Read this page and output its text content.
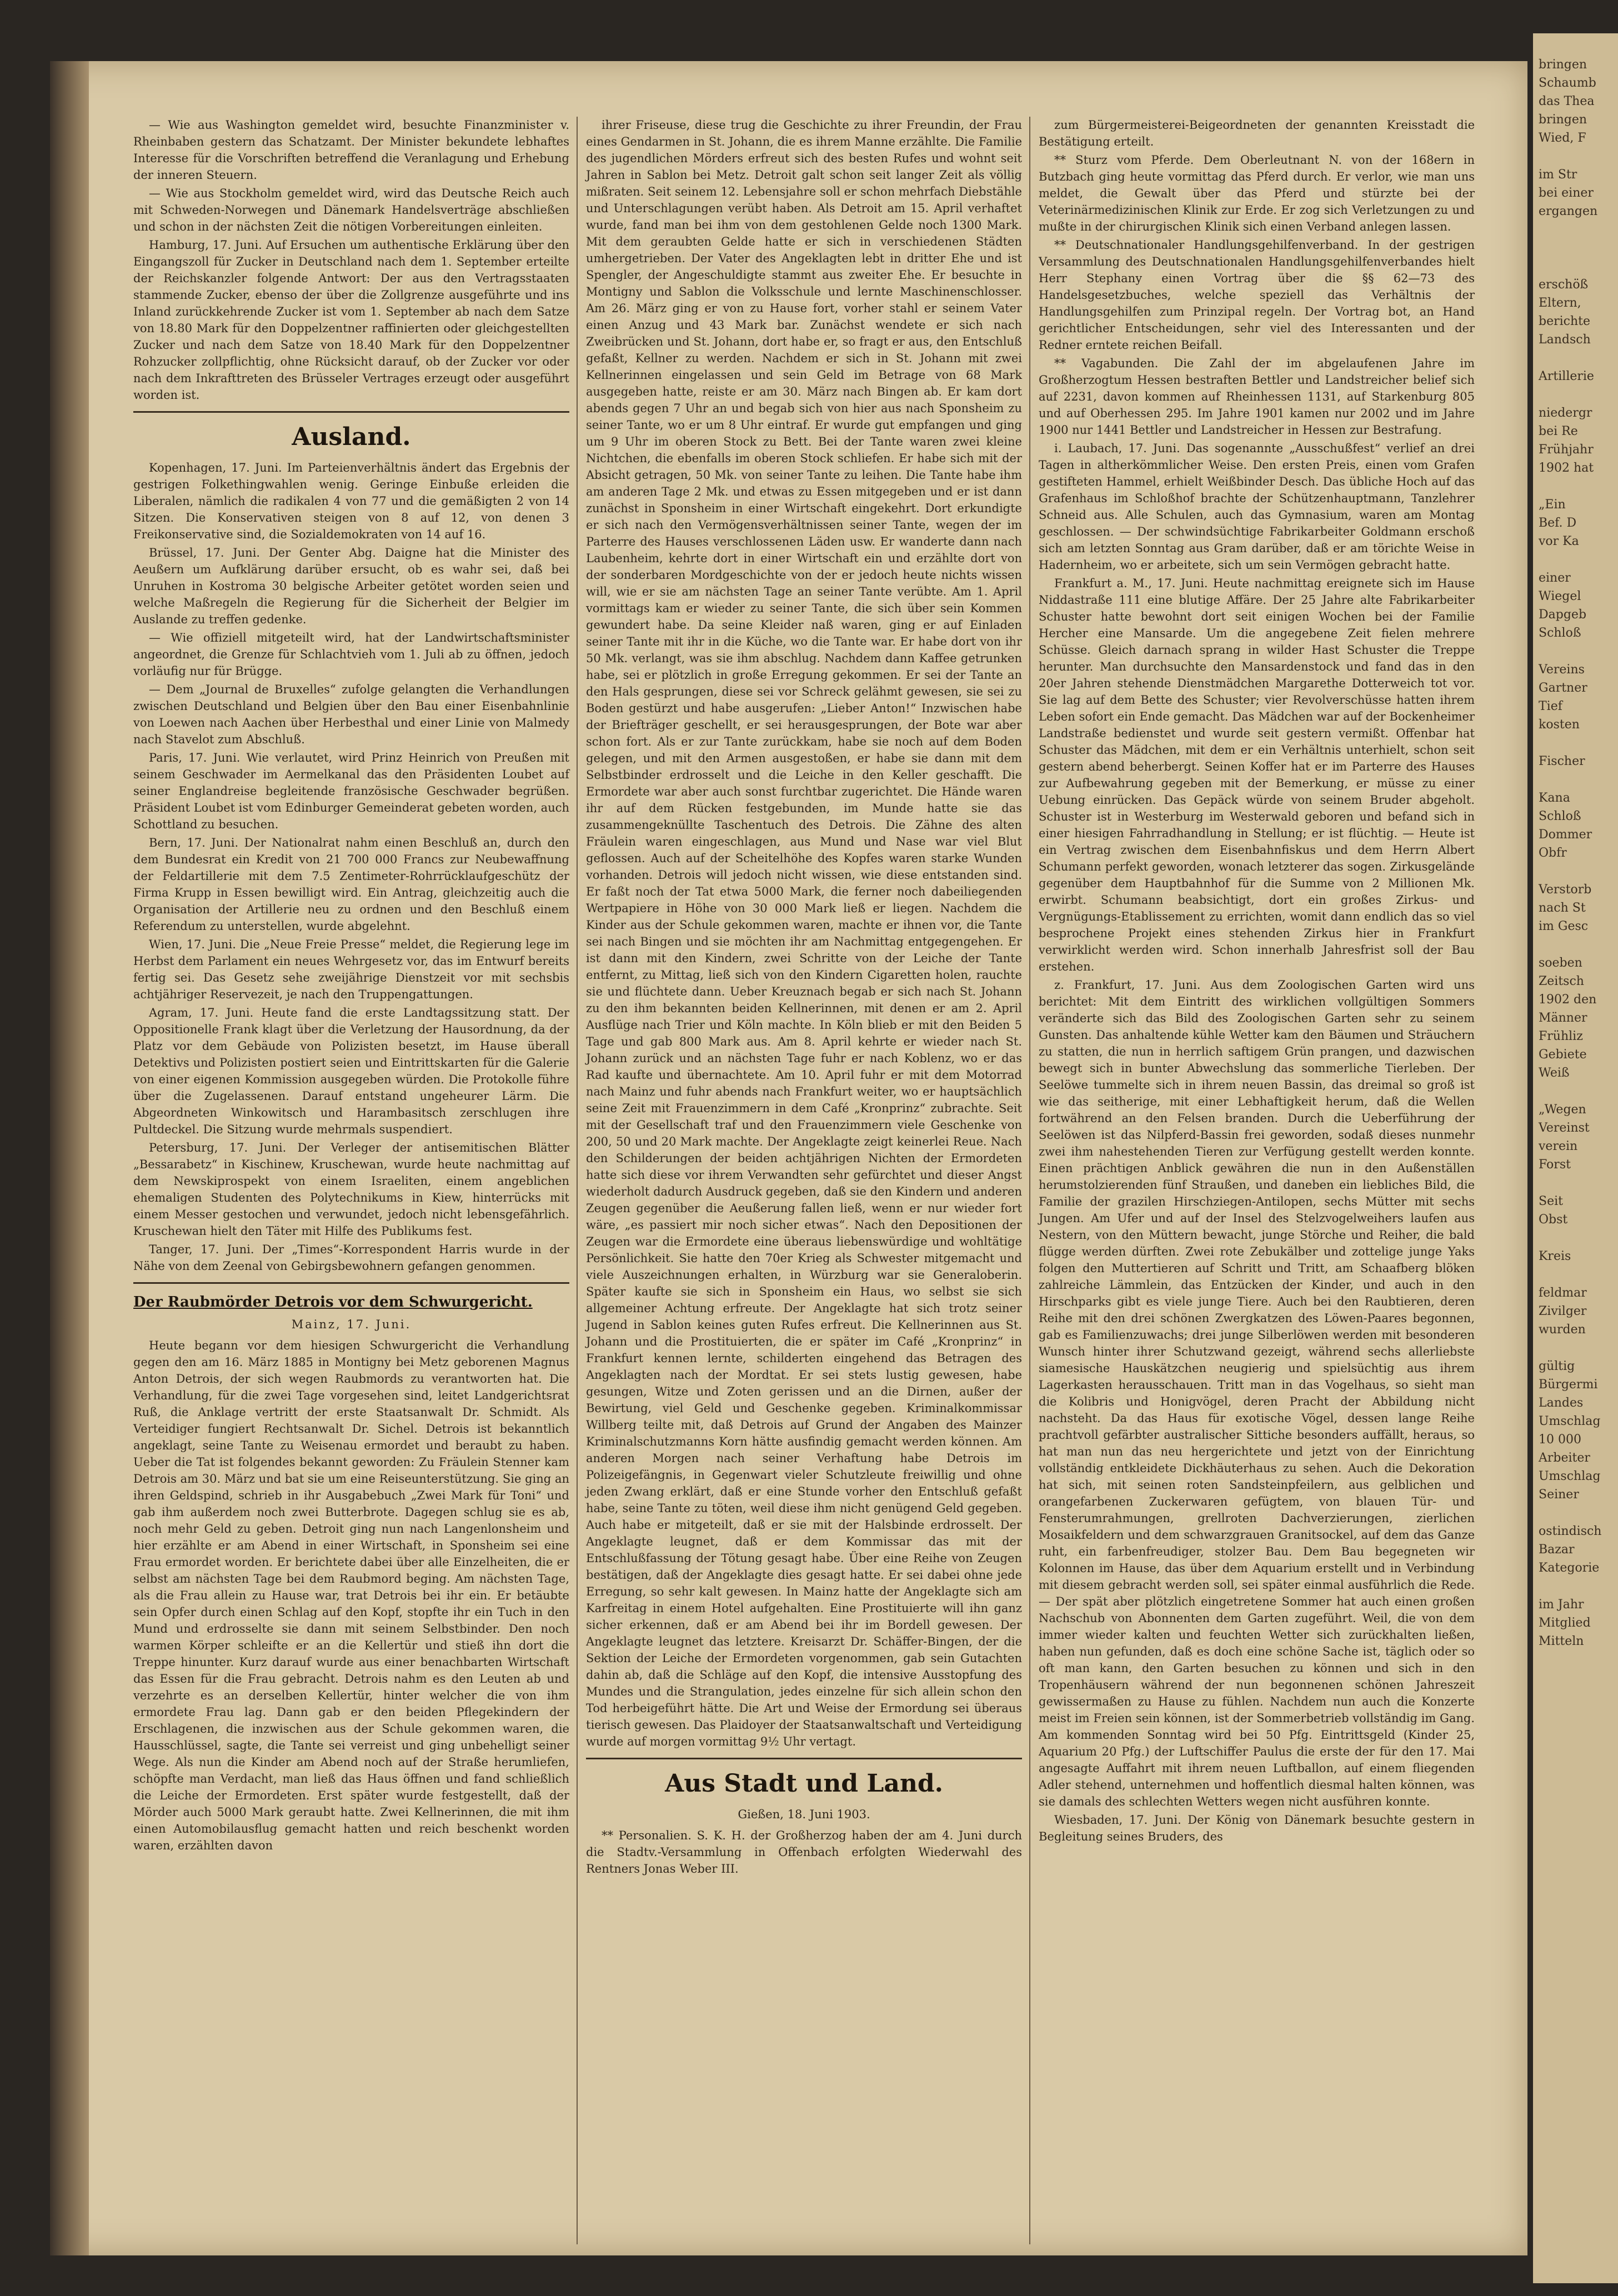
— Wie aus Washington gemeldet wird, besuchte Finanzminister v. Rheinbaben gestern das Schatzamt. Der Minister bekundete lebhaftes Interesse für die Vorschriften betreffend die Veranlagung und Erhebung der inneren Steuern.

— Wie aus Stockholm gemeldet wird, wird das Deutsche Reich auch mit Schweden-Norwegen und Dänemark Handelsverträge abschließen und schon in der nächsten Zeit die nötigen Vorbereitungen einleiten.

Hamburg, 17. Juni. Auf Ersuchen um authentische Erklärung über den Eingangszoll für Zucker in Deutschland nach dem 1. September erteilte der Reichskanzler folgende Antwort: Der aus den Vertragsstaaten stammende Zucker, ebenso der über die Zollgrenze ausgeführte und ins Inland zurückkehrende Zucker ist vom 1. September ab nach dem Satze von 18.80 Mark für den Doppelzentner raffinierten oder gleichgestellten Zucker und nach dem Satze von 18.40 Mark für den Doppelzentner Rohzucker zollpflichtig, ohne Rücksicht darauf, ob der Zucker vor oder nach dem Inkrafttreten des Brüsseler Vertrages erzeugt oder ausgeführt worden ist.

Ausland.

Kopenhagen, 17. Juni. Im Parteienverhältnis ändert das Ergebnis der gestrigen Folkethingwahlen wenig. Geringe Einbuße erleiden die Liberalen, nämlich die radikalen 4 von 77 und die gemäßigten 2 von 14 Sitzen. Die Konservativen steigen von 8 auf 12, von denen 3 Freikonservative sind, die Sozialdemokraten von 14 auf 16.

Brüssel, 17. Juni. Der Genter Abg. Daigne hat die Minister des Aeußern um Aufklärung darüber ersucht, ob es wahr sei, daß bei Unruhen in Kostroma 30 belgische Arbeiter getötet worden seien und welche Maßregeln die Regierung für die Sicherheit der Belgier im Auslande zu treffen gedenke.

— Wie offiziell mitgeteilt wird, hat der Landwirtschaftsminister angeordnet, die Grenze für Schlachtvieh vom 1. Juli ab zu öffnen, jedoch vorläufig nur für Brügge.

— Dem „Journal de Bruxelles“ zufolge gelangten die Verhandlungen zwischen Deutschland und Belgien über den Bau einer Eisenbahnlinie von Loewen nach Aachen über Herbesthal und einer Linie von Malmedy nach Stavelot zum Abschluß.

Paris, 17. Juni. Wie verlautet, wird Prinz Heinrich von Preußen mit seinem Geschwader im Aermelkanal das den Präsidenten Loubet auf seiner Englandreise begleitende französische Geschwader begrüßen. Präsident Loubet ist vom Edinburger Gemeinderat gebeten worden, auch Schottland zu besuchen.

Bern, 17. Juni. Der Nationalrat nahm einen Beschluß an, durch den dem Bundesrat ein Kredit von 21 700 000 Francs zur Neubewaffnung der Feldartillerie mit dem 7.5 Zentimeter-Rohrrücklaufgeschütz der Firma Krupp in Essen bewilligt wird. Ein Antrag, gleichzeitig auch die Organisation der Artillerie neu zu ordnen und den Beschluß einem Referendum zu unterstellen, wurde abgelehnt.

Wien, 17. Juni. Die „Neue Freie Presse“ meldet, die Regierung lege im Herbst dem Parlament ein neues Wehrgesetz vor, das im Entwurf bereits fertig sei. Das Gesetz sehe zweijährige Dienstzeit vor mit sechsbis achtjähriger Reservezeit, je nach den Truppengattungen.

Agram, 17. Juni. Heute fand die erste Landtagssitzung statt. Der Oppositionelle Frank klagt über die Verletzung der Hausordnung, da der Platz vor dem Gebäude von Polizisten besetzt, im Hause überall Detektivs und Polizisten postiert seien und Eintrittskarten für die Galerie von einer eigenen Kommission ausgegeben würden. Die Protokolle führe über die Zugelassenen. Darauf entstand ungeheurer Lärm. Die Abgeordneten Winkowitsch und Harambasitsch zerschlugen ihre Pultdeckel. Die Sitzung wurde mehrmals suspendiert.

Petersburg, 17. Juni. Der Verleger der antisemitischen Blätter „Bessarabetz“ in Kischinew, Kruschewan, wurde heute nachmittag auf dem Newskiprospekt von einem Israeliten, einem angeblichen ehemaligen Studenten des Polytechnikums in Kiew, hinterrücks mit einem Messer gestochen und verwundet, jedoch nicht lebensgefährlich. Kruschewan hielt den Täter mit Hilfe des Publikums fest.

Tanger, 17. Juni. Der „Times“-Korrespondent Harris wurde in der Nähe von dem Zeenal von Gebirgsbewohnern gefangen genommen.

Der Raubmörder Detrois vor dem Schwurgericht.
Mainz, 17. Juni.

Heute begann vor dem hiesigen Schwurgericht die Verhandlung gegen den am 16. März 1885 in Montigny bei Metz geborenen Magnus Anton Detrois, der sich wegen Raubmords zu verantworten hat. Die Verhandlung, für die zwei Tage vorgesehen sind, leitet Landgerichtsrat Ruß, die Anklage vertritt der erste Staatsanwalt Dr. Schmidt. Als Verteidiger fungiert Rechtsanwalt Dr. Sichel. Detrois ist bekanntlich angeklagt, seine Tante zu Weisenau ermordet und beraubt zu haben. Ueber die Tat ist folgendes bekannt geworden: Zu Fräulein Stenner kam Detrois am 30. März und bat sie um eine Reiseunterstützung. Sie ging an ihren Geldspind, schrieb in ihr Ausgabebuch „Zwei Mark für Toni“ und gab ihm außerdem noch zwei Butterbrote. Dagegen schlug sie es ab, noch mehr Geld zu geben. Detroit ging nun nach Langenlonsheim und hier erzählte er am Abend in einer Wirtschaft, in Sponsheim sei eine Frau ermordet worden. Er berichtete dabei über alle Einzelheiten, die er selbst am nächsten Tage bei dem Raubmord beging. Am nächsten Tage, als die Frau allein zu Hause war, trat Detrois bei ihr ein. Er betäubte sein Opfer durch einen Schlag auf den Kopf, stopfte ihr ein Tuch in den Mund und erdrosselte sie dann mit seinem Selbstbinder. Den noch warmen Körper schleifte er an die Kellertür und stieß ihn dort die Treppe hinunter. Kurz darauf wurde aus einer benachbarten Wirtschaft das Essen für die Frau gebracht. Detrois nahm es den Leuten ab und verzehrte es an derselben Kellertür, hinter welcher die von ihm ermordete Frau lag. Dann gab er den beiden Pflegekindern der Erschlagenen, die inzwischen aus der Schule gekommen waren, die Hausschlüssel, sagte, die Tante sei verreist und ging unbehelligt seiner Wege. Als nun die Kinder am Abend noch auf der Straße herumliefen, schöpfte man Verdacht, man ließ das Haus öffnen und fand schließlich die Leiche der Ermordeten. Erst später wurde festgestellt, daß der Mörder auch 5000 Mark geraubt hatte. Zwei Kellnerinnen, die mit ihm einen Automobilausflug gemacht hatten und reich beschenkt worden waren, erzählten davon

ihrer Friseuse, diese trug die Geschichte zu ihrer Freundin, der Frau eines Gendarmen in St. Johann, die es ihrem Manne erzählte. Die Familie des jugendlichen Mörders erfreut sich des besten Rufes und wohnt seit Jahren in Sablon bei Metz. Detroit galt schon seit langer Zeit als völlig mißraten. Seit seinem 12. Lebensjahre soll er schon mehrfach Diebstähle und Unterschlagungen verübt haben. Als Detroit am 15. April verhaftet wurde, fand man bei ihm von dem gestohlenen Gelde noch 1300 Mark. Mit dem geraubten Gelde hatte er sich in verschiedenen Städten umhergetrieben. Der Vater des Angeklagten lebt in dritter Ehe und ist Spengler, der Angeschuldigte stammt aus zweiter Ehe. Er besuchte in Montigny und Sablon die Volksschule und lernte Maschinenschlosser. Am 26. März ging er von zu Hause fort, vorher stahl er seinem Vater einen Anzug und 43 Mark bar. Zunächst wendete er sich nach Zweibrücken und St. Johann, dort habe er, so fragt er aus, den Entschluß gefaßt, Kellner zu werden. Nachdem er sich in St. Johann mit zwei Kellnerinnen eingelassen und sein Geld im Betrage von 68 Mark ausgegeben hatte, reiste er am 30. März nach Bingen ab. Er kam dort abends gegen 7 Uhr an und begab sich von hier aus nach Sponsheim zu seiner Tante, wo er um 8 Uhr eintraf. Er wurde gut empfangen und ging um 9 Uhr im oberen Stock zu Bett. Bei der Tante waren zwei kleine Nichtchen, die ebenfalls im oberen Stock schliefen. Er habe sich mit der Absicht getragen, 50 Mk. von seiner Tante zu leihen. Die Tante habe ihm am anderen Tage 2 Mk. und etwas zu Essen mitgegeben und er ist dann zunächst in Sponsheim in einer Wirtschaft eingekehrt. Dort erkundigte er sich nach den Vermögensverhältnissen seiner Tante, wegen der im Parterre des Hauses verschlossenen Läden usw. Er wanderte dann nach Laubenheim, kehrte dort in einer Wirtschaft ein und erzählte dort von der sonderbaren Mordgeschichte von der er jedoch heute nichts wissen will, wie er sie am nächsten Tage an seiner Tante verübte. Am 1. April vormittags kam er wieder zu seiner Tante, die sich über sein Kommen gewundert habe. Da seine Kleider naß waren, ging er auf Einladen seiner Tante mit ihr in die Küche, wo die Tante war. Er habe dort von ihr 50 Mk. verlangt, was sie ihm abschlug. Nachdem dann Kaffee getrunken habe, sei er plötzlich in große Erregung gekommen. Er sei der Tante an den Hals gesprungen, diese sei vor Schreck gelähmt gewesen, sie sei zu Boden gestürzt und habe ausgerufen: „Lieber Anton!“ Inzwischen habe der Briefträger geschellt, er sei herausgesprungen, der Bote war aber schon fort. Als er zur Tante zurückkam, habe sie noch auf dem Boden gelegen, und mit den Armen ausgestoßen, er habe sie dann mit dem Selbstbinder erdrosselt und die Leiche in den Keller geschafft. Die Ermordete war aber auch sonst furchtbar zugerichtet. Die Hände waren ihr auf dem Rücken festgebunden, im Munde hatte sie das zusammengeknüllte Taschentuch des Detrois. Die Zähne des alten Fräulein waren eingeschlagen, aus Mund und Nase war viel Blut geflossen. Auch auf der Scheitelhöhe des Kopfes waren starke Wunden vorhanden. Detrois will jedoch nicht wissen, wie diese entstanden sind. Er faßt noch der Tat etwa 5000 Mark, die ferner noch dabeiliegenden Wertpapiere in Höhe von 30 000 Mark ließ er liegen. Nachdem die Kinder aus der Schule gekommen waren, machte er ihnen vor, die Tante sei nach Bingen und sie möchten ihr am Nachmittag entgegengehen. Er ist dann mit den Kindern, zwei Schritte von der Leiche der Tante entfernt, zu Mittag, ließ sich von den Kindern Cigaretten holen, rauchte sie und flüchtete dann. Ueber Kreuznach begab er sich nach St. Johann zu den ihm bekannten beiden Kellnerinnen, mit denen er am 2. April Ausflüge nach Trier und Köln machte. In Köln blieb er mit den Beiden 5 Tage und gab 800 Mark aus. Am 8. April kehrte er wieder nach St. Johann zurück und an nächsten Tage fuhr er nach Koblenz, wo er das Rad kaufte und übernachtete. Am 10. April fuhr er mit dem Motorrad nach Mainz und fuhr abends nach Frankfurt weiter, wo er hauptsächlich seine Zeit mit Frauenzimmern in dem Café „Kronprinz“ zubrachte. Seit mit der Gesellschaft traf und den Frauenzimmern viele Geschenke von 200, 50 und 20 Mark machte. Der Angeklagte zeigt keinerlei Reue. Nach den Schilderungen der beiden achtjährigen Nichten der Ermordeten hatte sich diese vor ihrem Verwandten sehr gefürchtet und dieser Angst wiederholt dadurch Ausdruck gegeben, daß sie den Kindern und anderen Zeugen gegenüber die Aeußerung fallen ließ, wenn er nur wieder fort wäre, „es passiert mir noch sicher etwas“. Nach den Depositionen der Zeugen war die Ermordete eine überaus liebenswürdige und wohltätige Persönlichkeit. Sie hatte den 70er Krieg als Schwester mitgemacht und viele Auszeichnungen erhalten, in Würzburg war sie Generaloberin. Später kaufte sie sich in Sponsheim ein Haus, wo selbst sie sich allgemeiner Achtung erfreute. Der Angeklagte hat sich trotz seiner Jugend in Sablon keines guten Rufes erfreut. Die Kellnerinnen aus St. Johann und die Prostituierten, die er später im Café „Kronprinz“ in Frankfurt kennen lernte, schilderten eingehend das Betragen des Angeklagten nach der Mordtat. Er sei stets lustig gewesen, habe gesungen, Witze und Zoten gerissen und an die Dirnen, außer der Bewirtung, viel Geld und Geschenke gegeben. Kriminalkommissar Willberg teilte mit, daß Detrois auf Grund der Angaben des Mainzer Kriminalschutzmanns Korn hätte ausfindig gemacht werden können. Am anderen Morgen nach seiner Verhaftung habe Detrois im Polizeigefängnis, in Gegenwart vieler Schutzleute freiwillig und ohne jeden Zwang erklärt, daß er eine Stunde vorher den Entschluß gefaßt habe, seine Tante zu töten, weil diese ihm nicht genügend Geld gegeben. Auch habe er mitgeteilt, daß er sie mit der Halsbinde erdrosselt. Der Angeklagte leugnet, daß er dem Kommissar das mit der Entschlußfassung der Tötung gesagt habe. Über eine Reihe von Zeugen bestätigen, daß der Angeklagte dies gesagt hatte. Er sei dabei ohne jede Erregung, so sehr kalt gewesen. In Mainz hatte der Angeklagte sich am Karfreitag in einem Hotel aufgehalten. Eine Prostituierte will ihn ganz sicher erkennen, daß er am Abend bei ihr im Bordell gewesen. Der Angeklagte leugnet das letztere. Kreisarzt Dr. Schäffer-Bingen, der die Sektion der Leiche der Ermordeten vorgenommen, gab sein Gutachten dahin ab, daß die Schläge auf den Kopf, die intensive Ausstopfung des Mundes und die Strangulation, jedes einzelne für sich allein schon den Tod herbeigeführt hätte. Die Art und Weise der Ermordung sei überaus tierisch gewesen. Das Plaidoyer der Staatsanwaltschaft und Verteidigung wurde auf morgen vormittag 9½ Uhr vertagt.

Aus Stadt und Land.
Gießen, 18. Juni 1903.

** Personalien. S. K. H. der Großherzog haben der am 4. Juni durch die Stadtv.-Versammlung in Offenbach erfolgten Wiederwahl des Rentners Jonas Weber III.

zum Bürgermeisterei-Beigeordneten der genannten Kreisstadt die Bestätigung erteilt.

** Sturz vom Pferde. Dem Oberleutnant N. von der 168ern in Butzbach ging heute vormittag das Pferd durch. Er verlor, wie man uns meldet, die Gewalt über das Pferd und stürzte bei der Veterinärmedizinischen Klinik zur Erde. Er zog sich Verletzungen zu und mußte in der chirurgischen Klinik sich einen Verband anlegen lassen.

** Deutschnationaler Handlungsgehilfenverband. In der gestrigen Versammlung des Deutschnationalen Handlungsgehilfenverbandes hielt Herr Stephany einen Vortrag über die §§ 62—73 des Handelsgesetzbuches, welche speziell das Verhältnis der Handlungsgehilfen zum Prinzipal regeln. Der Vortrag bot, an Hand gerichtlicher Entscheidungen, sehr viel des Interessanten und der Redner erntete reichen Beifall.

** Vagabunden. Die Zahl der im abgelaufenen Jahre im Großherzogtum Hessen bestraften Bettler und Landstreicher belief sich auf 2231, davon kommen auf Rheinhessen 1131, auf Starkenburg 805 und auf Oberhessen 295. Im Jahre 1901 kamen nur 2002 und im Jahre 1900 nur 1441 Bettler und Landstreicher in Hessen zur Bestrafung.

i. Laubach, 17. Juni. Das sogenannte „Ausschußfest“ verlief an drei Tagen in altherkömmlicher Weise. Den ersten Preis, einen vom Grafen gestifteten Hammel, erhielt Weißbinder Desch. Das übliche Hoch auf das Grafenhaus im Schloßhof brachte der Schützenhauptmann, Tanzlehrer Schneid aus. Alle Schulen, auch das Gymnasium, waren am Montag geschlossen. — Der schwindsüchtige Fabrikarbeiter Goldmann erschoß sich am letzten Sonntag aus Gram darüber, daß er am törichte Weise in Hadernheim, wo er arbeitete, sich um sein Vermögen gebracht hatte.

Frankfurt a. M., 17. Juni. Heute nachmittag ereignete sich im Hause Niddastraße 111 eine blutige Affäre. Der 25 Jahre alte Fabrikarbeiter Schuster hatte bewohnt dort seit einigen Wochen bei der Familie Hercher eine Mansarde. Um die angegebene Zeit fielen mehrere Schüsse. Gleich darnach sprang in wilder Hast Schuster die Treppe herunter. Man durchsuchte den Mansardenstock und fand das in den 20er Jahren stehende Dienstmädchen Margarethe Dotterweich tot vor. Sie lag auf dem Bette des Schuster; vier Revolverschüsse hatten ihrem Leben sofort ein Ende gemacht. Das Mädchen war auf der Bockenheimer Landstraße bedienstet und wurde seit gestern vermißt. Offenbar hat Schuster das Mädchen, mit dem er ein Verhältnis unterhielt, schon seit gestern abend beherbergt. Seinen Koffer hat er im Parterre des Hauses zur Aufbewahrung gegeben mit der Bemerkung, er müsse zu einer Uebung einrücken. Das Gepäck würde von seinem Bruder abgeholt. Schuster ist in Westerburg im Westerwald geboren und befand sich in einer hiesigen Fahrradhandlung in Stellung; er ist flüchtig. — Heute ist ein Vertrag zwischen dem Eisenbahnfiskus und dem Herrn Albert Schumann perfekt geworden, wonach letzterer das sogen. Zirkusgelände gegenüber dem Hauptbahnhof für die Summe von 2 Millionen Mk. erwirbt. Schumann beabsichtigt, dort ein großes Zirkus- und Vergnügungs-Etablissement zu errichten, womit dann endlich das so viel besprochene Projekt eines stehenden Zirkus hier in Frankfurt verwirklicht werden wird. Schon innerhalb Jahresfrist soll der Bau erstehen.

z. Frankfurt, 17. Juni. Aus dem Zoologischen Garten wird uns berichtet: Mit dem Eintritt des wirklichen vollgültigen Sommers veränderte sich das Bild des Zoologischen Garten sehr zu seinem Gunsten. Das anhaltende kühle Wetter kam den Bäumen und Sträuchern zu statten, die nun in herrlich saftigem Grün prangen, und dazwischen bewegt sich in bunter Abwechslung das sommerliche Tierleben. Der Seelöwe tummelte sich in ihrem neuen Bassin, das dreimal so groß ist wie das seitherige, mit einer Lebhaftigkeit herum, daß die Wellen fortwährend an den Felsen branden. Durch die Ueberführung der Seelöwen ist das Nilpferd-Bassin frei geworden, sodaß dieses nunmehr zwei ihm nahestehenden Tieren zur Verfügung gestellt werden konnte. Einen prächtigen Anblick gewähren die nun in den Außenställen herumstolzierenden fünf Straußen, und daneben ein liebliches Bild, die Familie der grazilen Hirschziegen-Antilopen, sechs Mütter mit sechs Jungen. Am Ufer und auf der Insel des Stelzvogelweihers laufen aus Nestern, von den Müttern bewacht, junge Störche und Reiher, die bald flügge werden dürften. Zwei rote Zebukälber und zottelige junge Yaks folgen den Muttertieren auf Schritt und Tritt, am Schaafberg blöken zahlreiche Lämmlein, das Entzücken der Kinder, und auch in den Hirschparks gibt es viele junge Tiere. Auch bei den Raubtieren, deren Reihe mit den drei schönen Zwergkatzen des Löwen-Paares begonnen, gab es Familienzuwachs; drei junge Silberlöwen werden mit besonderen Wunsch hinter ihrer Schutzwand gezeigt, während sechs allerliebste siamesische Hauskätzchen neugierig und spielsüchtig aus ihrem Lagerkasten herausschauen. Tritt man in das Vogelhaus, so sieht man die Kolibris und Honigvögel, deren Pracht der Abbildung nicht nachsteht. Da das Haus für exotische Vögel, dessen lange Reihe prachtvoll gefärbter australischer Sittiche besonders auffällt, heraus, so hat man nun das neu hergerichtete und jetzt von der Einrichtung vollständig entkleidete Dickhäuterhaus zu sehen. Auch die Dekoration hat sich, mit seinen roten Sandsteinpfeilern, aus gelblichen und orangefarbenen Zuckerwaren gefügtem, von blauen Tür- und Fensterumrahmungen, grellroten Dachverzierungen, zierlichen Mosaikfeldern und dem schwarzgrauen Granitsockel, auf dem das Ganze ruht, ein farbenfreudiger, stolzer Bau. Dem Bau begegneten wir Kolonnen im Hause, das über dem Aquarium erstellt und in Verbindung mit diesem gebracht werden soll, sei später einmal ausführlich die Rede. — Der spät aber plötzlich eingetretene Sommer hat auch einen großen Nachschub von Abonnenten dem Garten zugeführt. Weil, die von dem immer wieder kalten und feuchten Wetter sich zurückhalten ließen, haben nun gefunden, daß es doch eine schöne Sache ist, täglich oder so oft man kann, den Garten besuchen zu können und sich in den Tropenhäusern während der nun begonnenen schönen Jahreszeit gewissermaßen zu Hause zu fühlen. Nachdem nun auch die Konzerte meist im Freien sein können, ist der Sommerbetrieb vollständig im Gang. Am kommenden Sonntag wird bei 50 Pfg. Eintrittsgeld (Kinder 25, Aquarium 20 Pfg.) der Luftschiffer Paulus die erste der für den 17. Mai angesagte Auffahrt mit ihrem neuen Luftballon, auf einem fliegenden Adler stehend, unternehmen und hoffentlich diesmal halten können, was sie damals des schlechten Wetters wegen nicht ausführen konnte.

Wiesbaden, 17. Juni. Der König von Dänemark besuchte gestern in Begleitung seines Bruders, des

bringen
Schaumb
das Thea
bringen
Wied, F

im Str
bei einer
ergangen

erschöß
Eltern,
berichte
Landsch

Artillerie

niedergr
bei Re
Frühjahr
1902 hat

„Ein
Bef. D
vor Ka

einer
Wiegel
Dapgeb
Schloß

Vereins
Gartner
Tief
kosten

Fischer

Kana
Schloß
Dommer
Obfr

Verstorb
nach St
im Gesc

soeben
Zeitsch
1902 den
Männer
Frühliz
Gebiete
Weiß

„Wegen
Vereinst
verein
Forst

Seit
Obst

Kreis

feldmar
Zivilger
wurden

gültig
Bürgermi
Landes
Umschlag
10 000
Arbeiter
Umschlag
Seiner

ostindisch
Bazar
Kategorie

im Jahr
Mitglied
Mitteln
